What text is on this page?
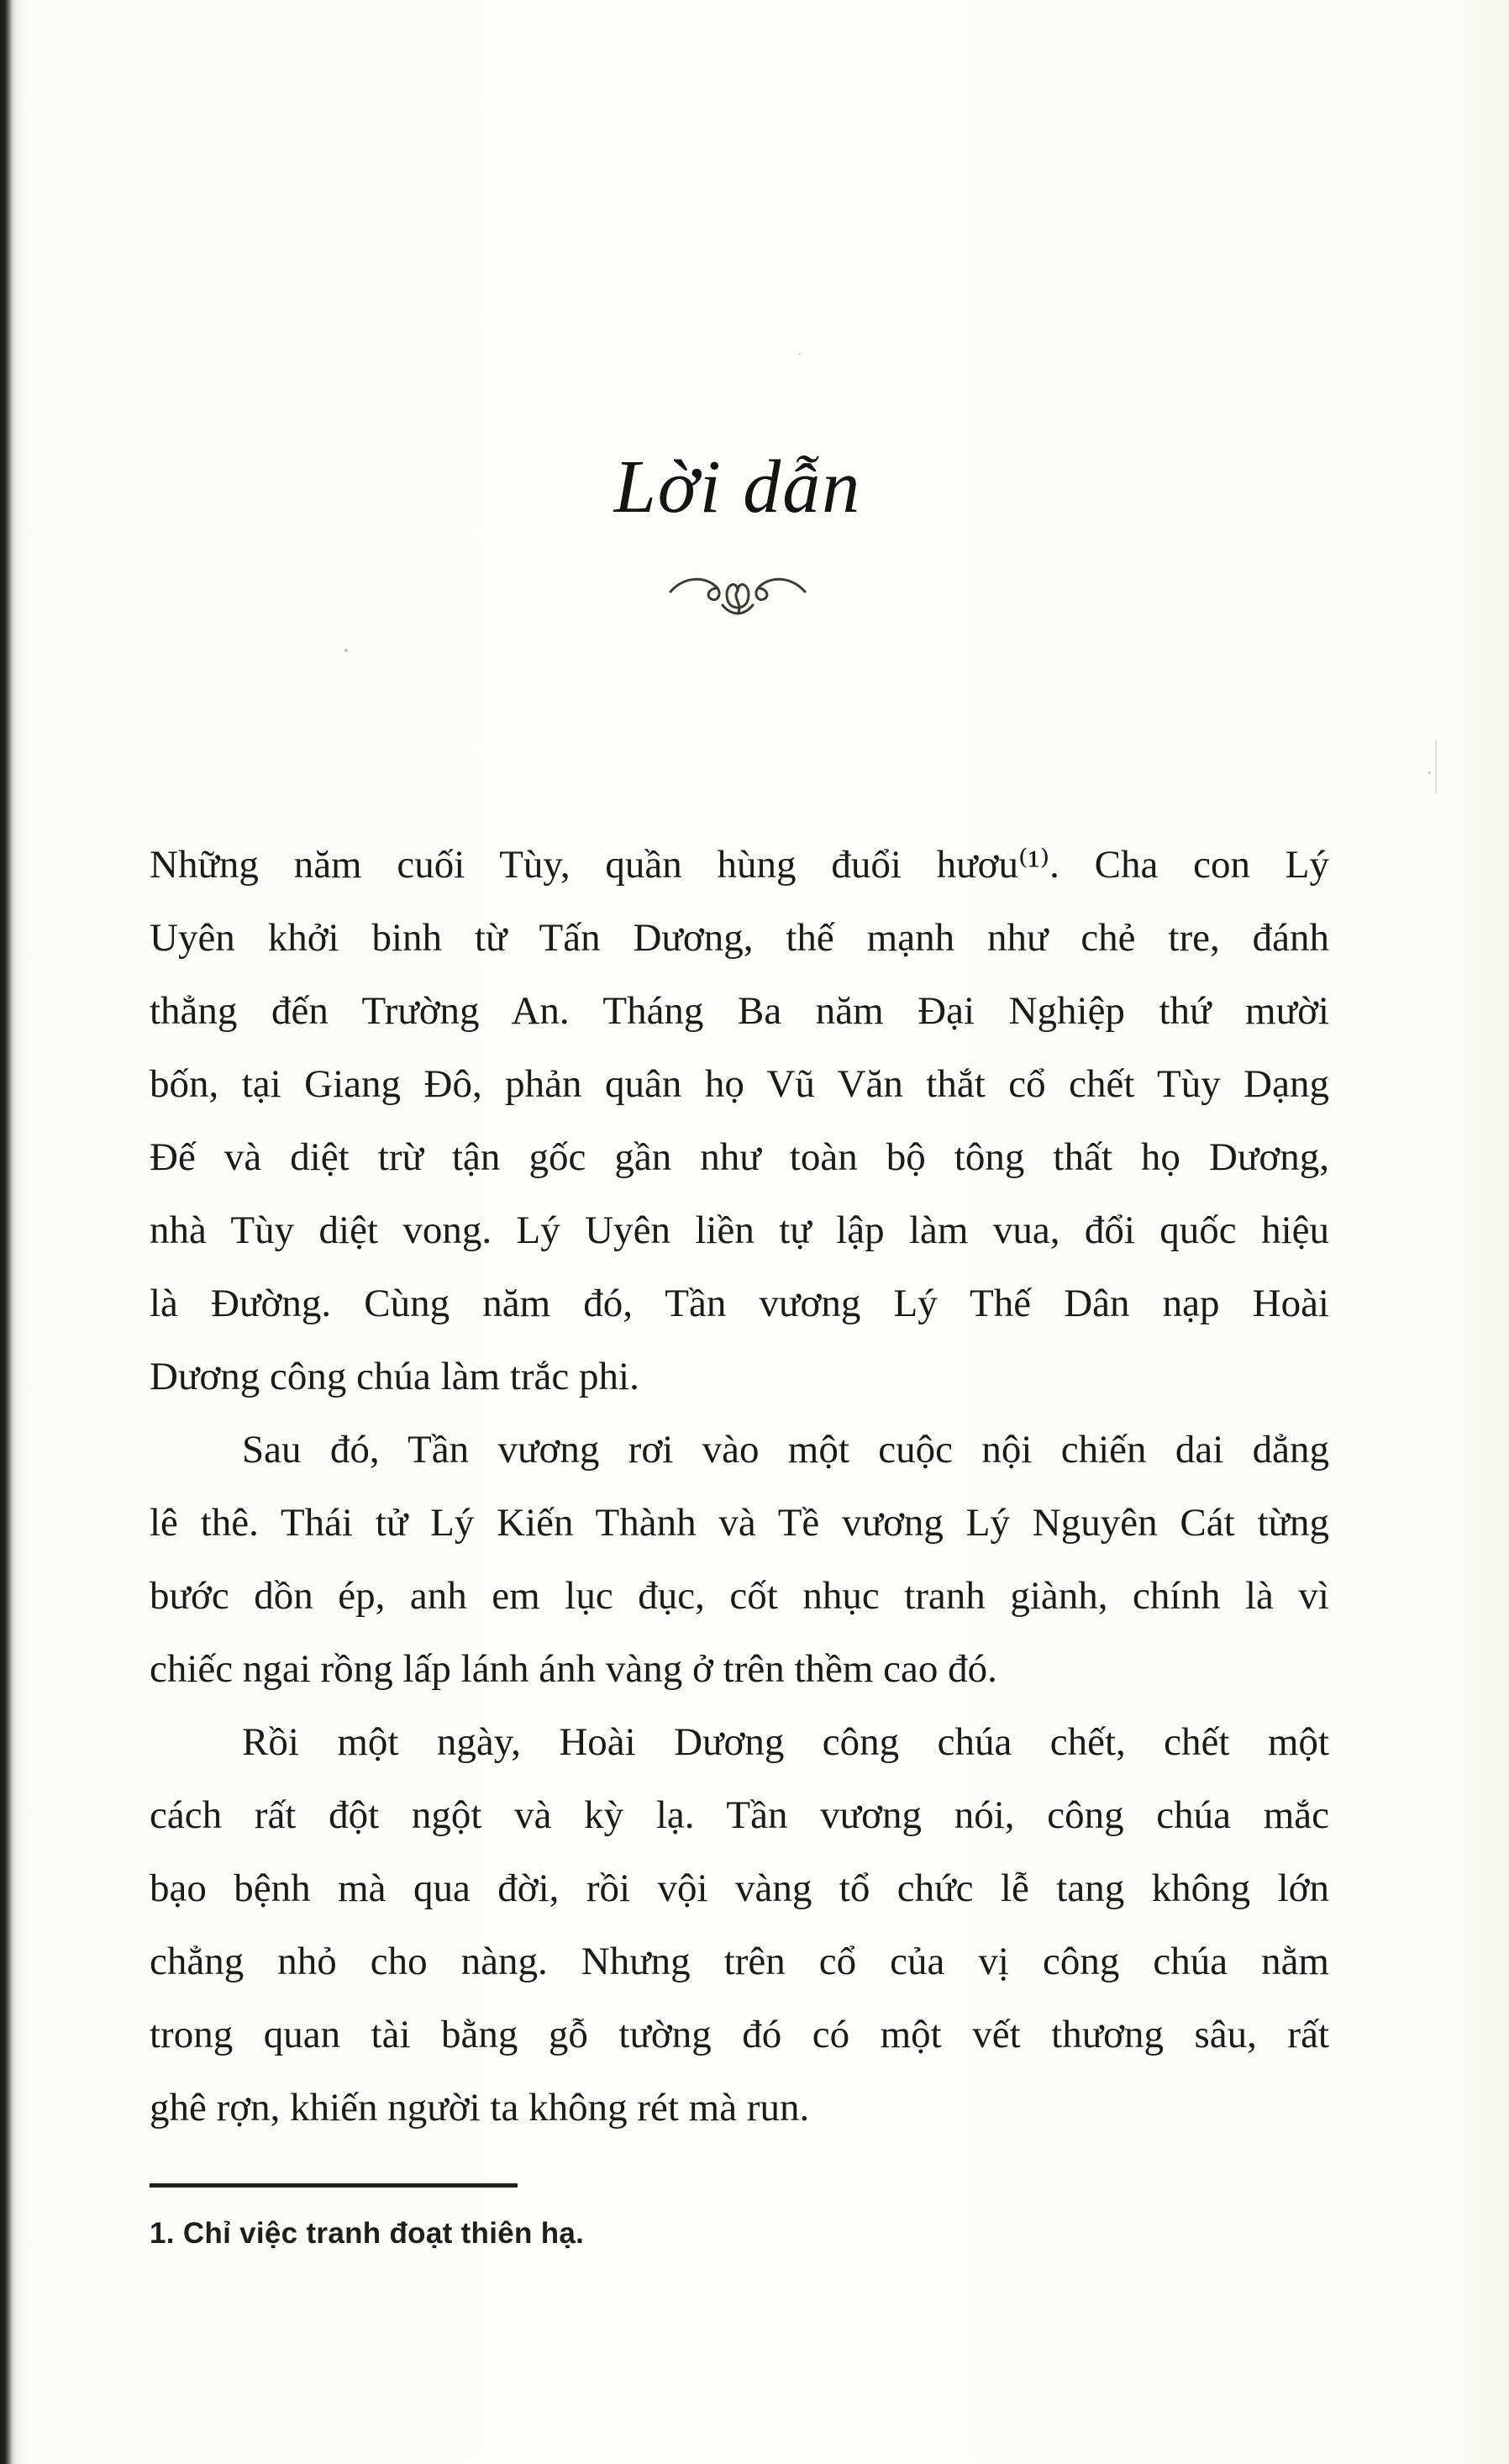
Lời dẫn
Những năm cuối Tùy, quần hùng đuổi hươu⁽¹⁾. Cha con Lý
Uyên khởi binh từ Tấn Dương, thế mạnh như chẻ tre, đánh
thẳng đến Trường An. Tháng Ba năm Đại Nghiệp thứ mười
bốn, tại Giang Đô, phản quân họ Vũ Văn thắt cổ chết Tùy Dạng
Đế và diệt trừ tận gốc gần như toàn bộ tông thất họ Dương,
nhà Tùy diệt vong. Lý Uyên liền tự lập làm vua, đổi quốc hiệu
là Đường. Cùng năm đó, Tần vương Lý Thế Dân nạp Hoài
Dương công chúa làm trắc phi.
Sau đó, Tần vương rơi vào một cuộc nội chiến dai dẳng
lê thê. Thái tử Lý Kiến Thành và Tề vương Lý Nguyên Cát từng
bước dồn ép, anh em lục đục, cốt nhục tranh giành, chính là vì
chiếc ngai rồng lấp lánh ánh vàng ở trên thềm cao đó.
Rồi một ngày, Hoài Dương công chúa chết, chết một
cách rất đột ngột và kỳ lạ. Tần vương nói, công chúa mắc
bạo bệnh mà qua đời, rồi vội vàng tổ chức lễ tang không lớn
chẳng nhỏ cho nàng. Nhưng trên cổ của vị công chúa nằm
trong quan tài bằng gỗ tường đó có một vết thương sâu, rất
ghê rợn, khiến người ta không rét mà run.
1. Chỉ việc tranh đoạt thiên hạ.
